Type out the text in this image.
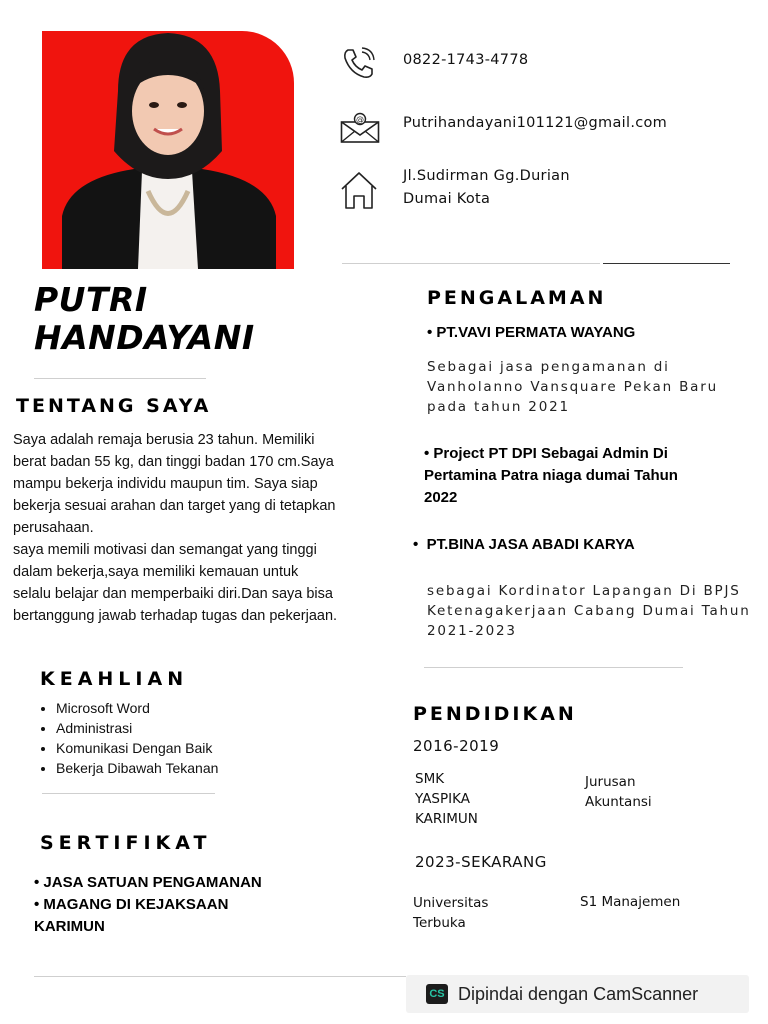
0822-1743-4778
@	Putrihandayani101121@gmail.com
Jl.Sudirman Gg.Durian
Dumai Kota
PUTRI
HANDAYANI
TENTANG SAYA
Saya adalah remaja berusia 23 tahun. Memiliki
berat badan 55 kg, dan tinggi badan 170 cm.Saya
mampu bekerja individu maupun tim. Saya siap
bekerja sesuai arahan dan target yang di tetapkan
perusahaan.
saya memili motivasi dan semangat yang tinggi
dalam bekerja,saya memiliki kemauan untuk
selalu belajar dan memperbaiki diri.Dan saya bisa
bertanggung jawab terhadap tugas dan pekerjaan.
KEAHLIAN
• Microsoft Word
• Administrasi
• Komunikasi Dengan Baik
• Bekerja Dibawah Tekanan
SERTIFIKAT
• JASA SATUAN PENGAMANAN
• MAGANG DI KEJAKSAAN
KARIMUN
PENGALAMAN
• PT.VAVI PERMATA WAYANG
Sebagai jasa pengamanan di
Vanholanno Vansquare Pekan Baru
pada tahun 2021
• Project PT DPI Sebagai Admin Di
Pertamina Patra niaga dumai Tahun
2022
•  PT.BINA JASA ABADI KARYA
sebagai Kordinator Lapangan Di BPJS
Ketenagakerjaan Cabang Dumai Tahun
2021-2023
PENDIDIKAN
2016-2019
SMK
YASPIKA
KARIMUN
Jurusan
Akuntansi
2023-SEKARANG
Universitas
Terbuka
S1 Manajemen
CS Dipindai dengan CamScanner
